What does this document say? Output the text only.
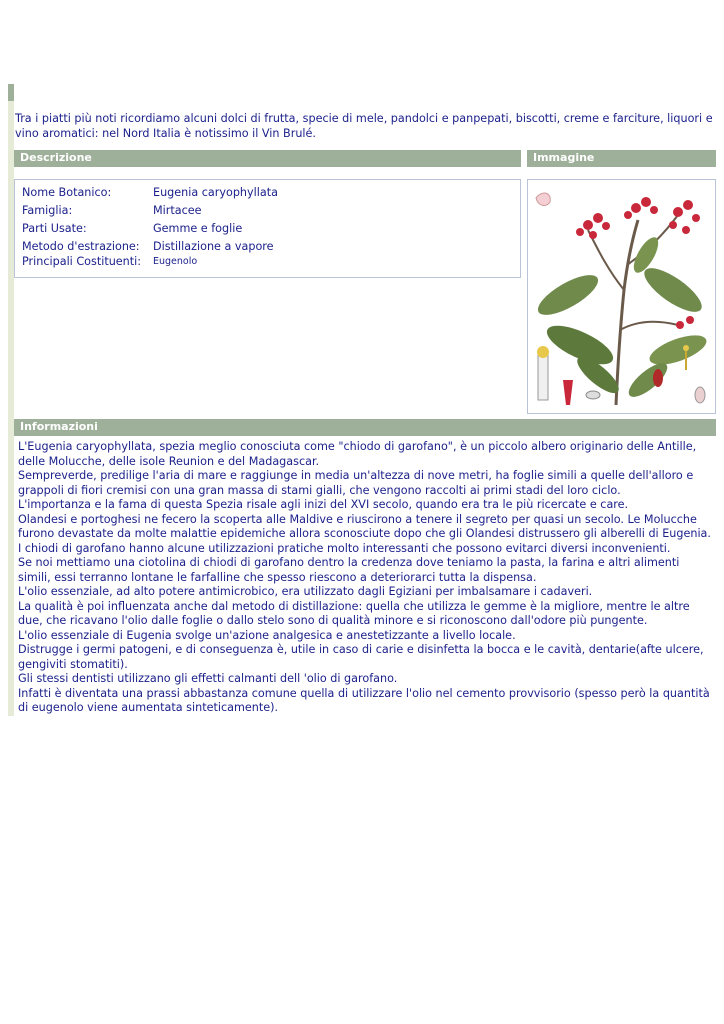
Tra i piatti più noti ricordiamo alcuni dolci di frutta, specie di mele, pandolci e panpepati, biscotti, creme e farciture, liquori e vino aromatici: nel Nord Italia è notissimo il Vin Brulé.
Descrizione	Immagine
Nome Botanico:	Eugenia caryophyllata
Famiglia:	Mirtacee
Parti Usate:	Gemme e foglie
Metodo d'estrazione: Distillazione a vapore
Principali Costituenti: $^{Eugenolo}$
Informazioni

L'Eugenia caryophyllata, spezia meglio conosciuta come "chiodo di garofano", è un piccolo albero originario delle Antille, delle Molucche, delle isole Reunion e del Madagascar.

Sempreverde, predilige l'aria di mare e raggiunge in media un'altezza di nove metri, ha foglie simili a quelle dell'alloro e grappoli di fiori cremisi con una gran massa di stami gialli, che vengono raccolti ai primi stadi del loro ciclo.

L'importanza e la fama di questa Spezia risale agli inizi del XVI secolo, quando era tra le più ricercate e care.

Olandesi e portoghesi ne fecero la scoperta alle Maldive e riuscirono a tenere il segreto per quasi un secolo. Le Molucche furono devastate da molte malattie epidemiche allora sconosciute dopo che gli Olandesi distrussero gli alberelli di Eugenia.

I chiodi di garofano hanno alcune utilizzazioni pratiche molto interessanti che possono evitarci diversi inconvenienti.

Se noi mettiamo una ciotolina di chiodi di garofano dentro la credenza dove teniamo la pasta, la farina e altri alimenti simili, essi terranno lontane le farfalline che spesso riescono a deteriorarci tutta la dispensa.

L'olio essenziale, ad alto potere antimicrobico, era utilizzato dagli Egiziani per imbalsamare i cadaveri.

La qualità è poi influenzata anche dal metodo di distillazione: quella che utilizza le gemme è la migliore, mentre le altre due, che ricavano l'olio dalle foglie o dallo stelo sono di qualità minore e si riconoscono dall'odore più pungente.

L'olio essenziale di Eugenia svolge un'azione analgesica e anestetizzante a livello locale.

Distrugge i germi patogeni, e di conseguenza è, utile in caso di carie e disinfetta la bocca e le cavità, dentarie(afte ulcere, gengiviti stomatiti).

Gli stessi dentisti utilizzano gli effetti calmanti dell 'olio di garofano.

Infatti è diventata una prassi abbastanza comune quella di utilizzare l'olio nel cemento provvisorio (spesso però la quantità di eugenolo viene aumentata sinteticamente).
